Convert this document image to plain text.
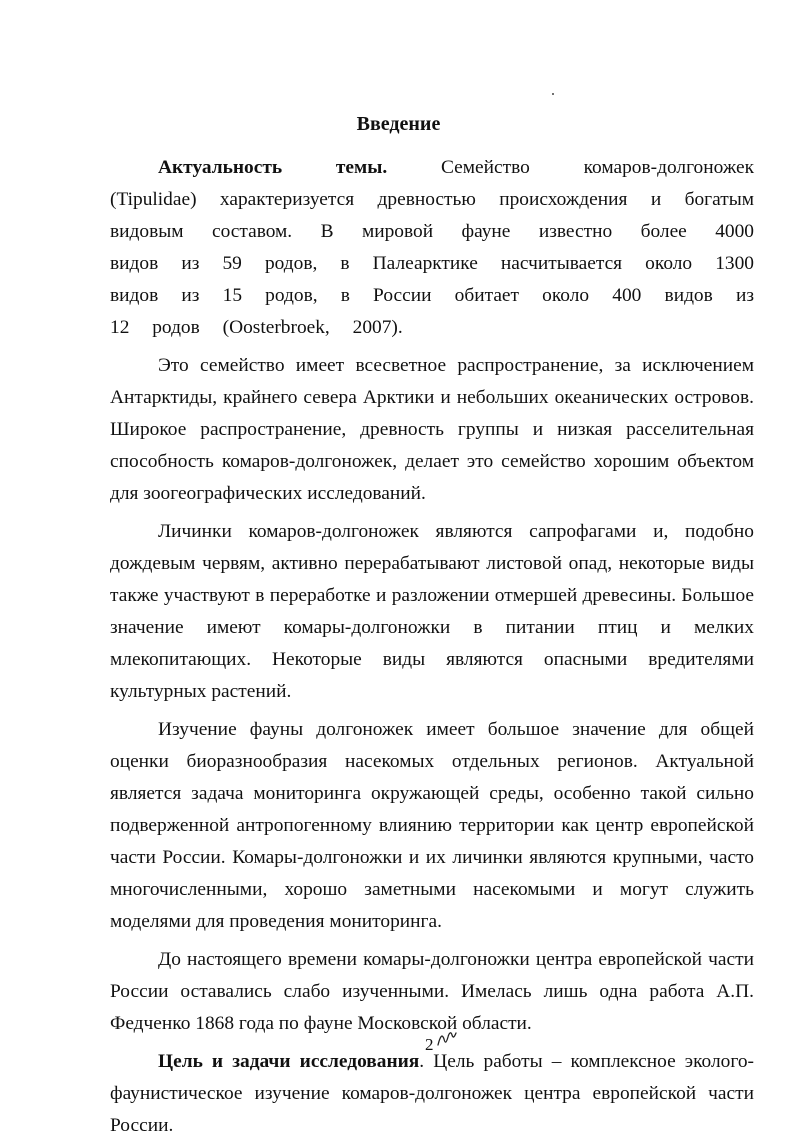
Введение

Актуальность темы. Семейство комаров-долгоножек (Tipulidae) характеризуется древностью происхождения и богатым видовым составом. В мировой фауне известно более 4000 видов из 59 родов, в Палеарктике насчитывается около 1300 видов из 15 родов, в России обитает около 400 видов из 12 родов (Oosterbroek, 2007).

Это семейство имеет всесветное распространение, за исключением Антарктиды, крайнего севера Арктики и небольших океанических островов. Широкое распространение, древность группы и низкая расселительная способность комаров-долгоножек, делает это семейство хорошим объектом для зоогеографических исследований.

Личинки комаров-долгоножек являются сапрофагами и, подобно дождевым червям, активно перерабатывают листовой опад, некоторые виды также участвуют в переработке и разложении отмершей древесины. Большое значение имеют комары-долгоножки в питании птиц и мелких млекопитающих. Некоторые виды являются опасными вредителями культурных растений.

Изучение фауны долгоножек имеет большое значение для общей оценки биоразнообразия насекомых отдельных регионов. Актуальной является задача мониторинга окружающей среды, особенно такой сильно подверженной антропогенному влиянию территории как центр европейской части России. Комары-долгоножки и их личинки являются крупными, часто многочисленными, хорошо заметными насекомыми и могут служить моделями для проведения мониторинга.

До настоящего времени комары-долгоножки центра европейской части России оставались слабо изученными. Имелась лишь одна работа А.П. Федченко 1868 года по фауне Московской области.

Цель и задачи исследования. Цель работы – комплексное эколого-фаунистическое изучение комаров-долгоножек центра европейской части России.

2
